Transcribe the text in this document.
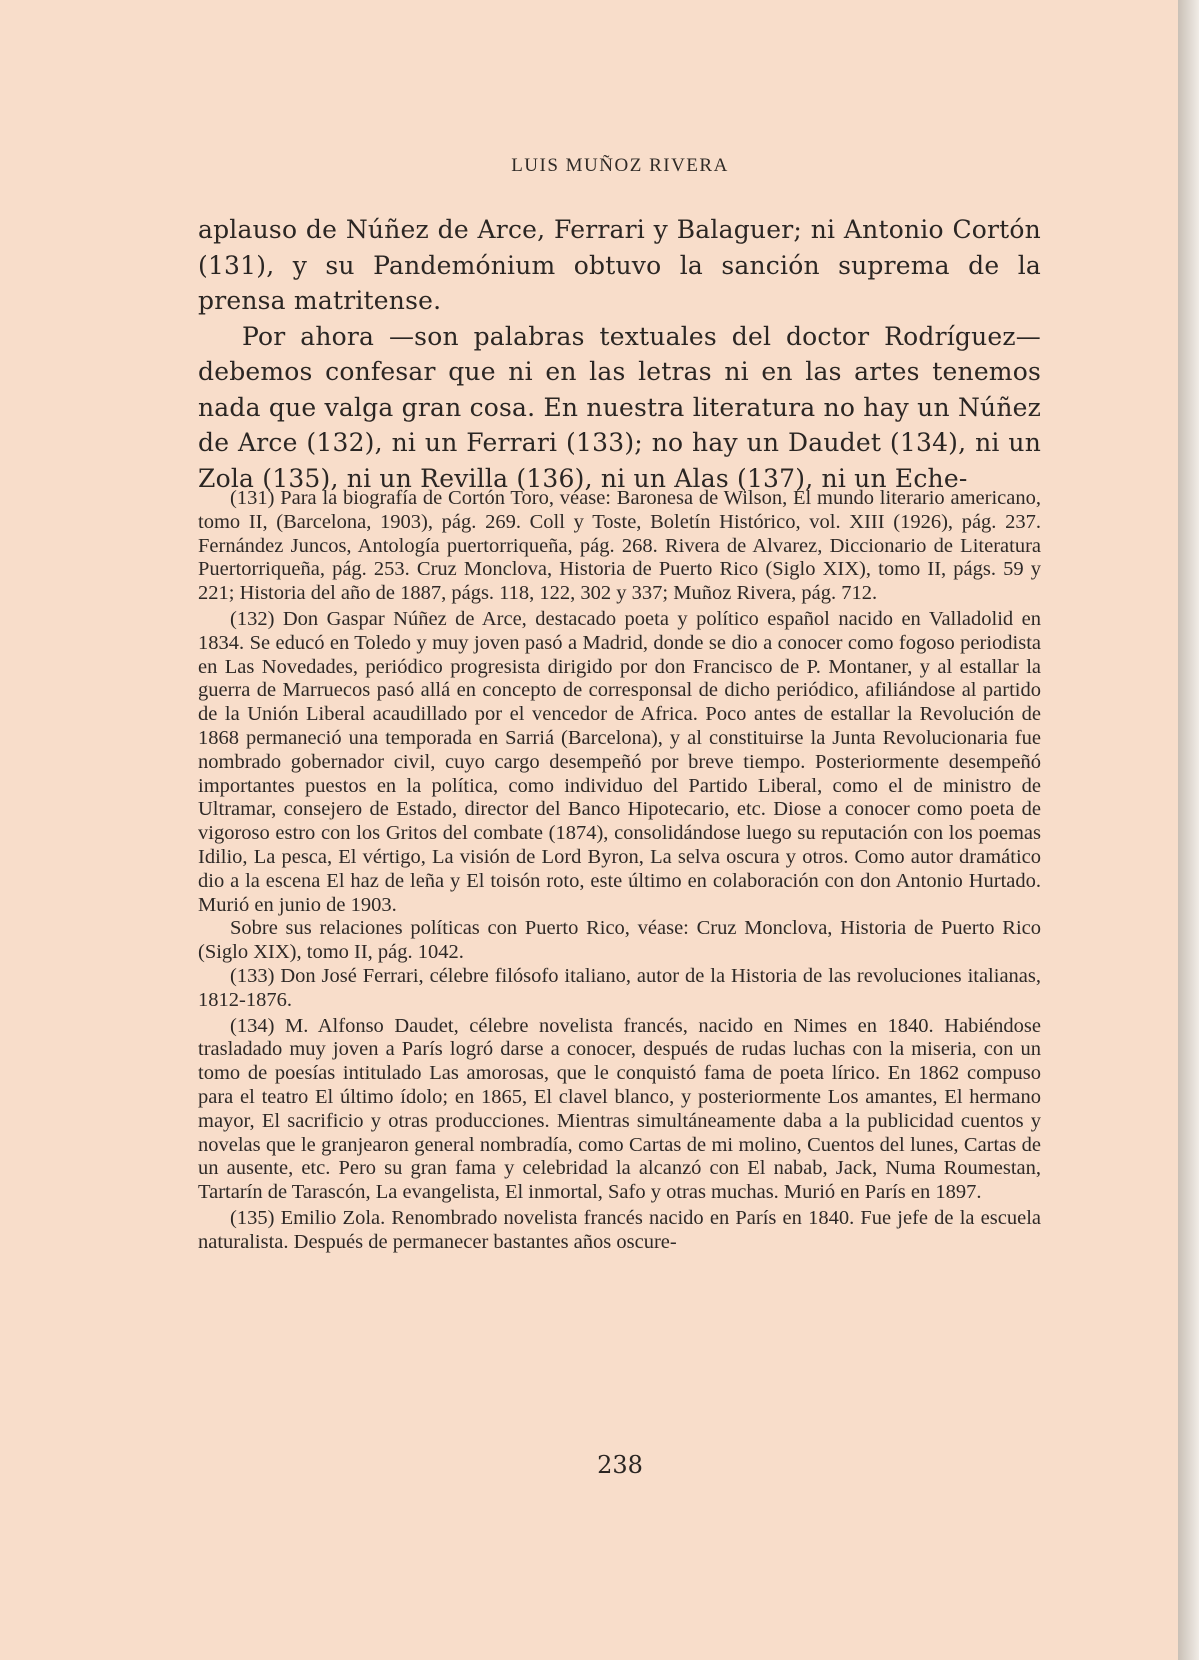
LUIS MUÑOZ RIVERA

aplauso de Núñez de Arce, Ferrari y Balaguer; ni Antonio Cortón (131), y su Pandemónium obtuvo la sanción suprema de la prensa matritense.

Por ahora —son palabras textuales del doctor Rodríguez— debemos confesar que ni en las letras ni en las artes tenemos nada que valga gran cosa. En nuestra literatura no hay un Núñez de Arce (132), ni un Ferrari (133); no hay un Daudet (134), ni un Zola (135), ni un Revilla (136), ni un Alas (137), ni un Eche-

(131) Para la biografía de Cortón Toro, véase: Baronesa de Wilson, El mundo literario americano, tomo II, (Barcelona, 1903), pág. 269. Coll y Toste, Boletín Histórico, vol. XIII (1926), pág. 237. Fernández Juncos, Antología puertorriqueña, pág. 268. Rivera de Alvarez, Diccionario de Literatura Puertorriqueña, pág. 253. Cruz Monclova, Historia de Puerto Rico (Siglo XIX), tomo II, págs. 59 y 221; Historia del año de 1887, págs. 118, 122, 302 y 337; Muñoz Rivera, pág. 712.

(132) Don Gaspar Núñez de Arce, destacado poeta y político español nacido en Valladolid en 1834. Se educó en Toledo y muy joven pasó a Madrid, donde se dio a conocer como fogoso periodista en Las Novedades, periódico progresista dirigido por don Francisco de P. Montaner, y al estallar la guerra de Marruecos pasó allá en concepto de corresponsal de dicho periódico, afiliándose al partido de la Unión Liberal acaudillado por el vencedor de Africa. Poco antes de estallar la Revolución de 1868 permaneció una temporada en Sarriá (Barcelona), y al constituirse la Junta Revolucionaria fue nombrado gobernador civil, cuyo cargo desempeñó por breve tiempo. Posteriormente desempeñó importantes puestos en la política, como individuo del Partido Liberal, como el de ministro de Ultramar, consejero de Estado, director del Banco Hipotecario, etc. Diose a conocer como poeta de vigoroso estro con los Gritos del combate (1874), consolidándose luego su reputación con los poemas Idilio, La pesca, El vértigo, La visión de Lord Byron, La selva oscura y otros. Como autor dramático dio a la escena El haz de leña y El toisón roto, este último en colaboración con don Antonio Hurtado. Murió en junio de 1903.

Sobre sus relaciones políticas con Puerto Rico, véase: Cruz Monclova, Historia de Puerto Rico (Siglo XIX), tomo II, pág. 1042.

(133) Don José Ferrari, célebre filósofo italiano, autor de la Historia de las revoluciones italianas, 1812-1876.

(134) M. Alfonso Daudet, célebre novelista francés, nacido en Nimes en 1840. Habiéndose trasladado muy joven a París logró darse a conocer, después de rudas luchas con la miseria, con un tomo de poesías intitulado Las amorosas, que le conquistó fama de poeta lírico. En 1862 compuso para el teatro El último ídolo; en 1865, El clavel blanco, y posteriormente Los amantes, El hermano mayor, El sacrificio y otras producciones. Mientras simultáneamente daba a la publicidad cuentos y novelas que le granjearon general nombradía, como Cartas de mi molino, Cuentos del lunes, Cartas de un ausente, etc. Pero su gran fama y celebridad la alcanzó con El nabab, Jack, Numa Roumestan, Tartarín de Tarascón, La evangelista, El inmortal, Safo y otras muchas. Murió en París en 1897.

(135) Emilio Zola. Renombrado novelista francés nacido en París en 1840. Fue jefe de la escuela naturalista. Después de permanecer bastantes años oscure-

238
